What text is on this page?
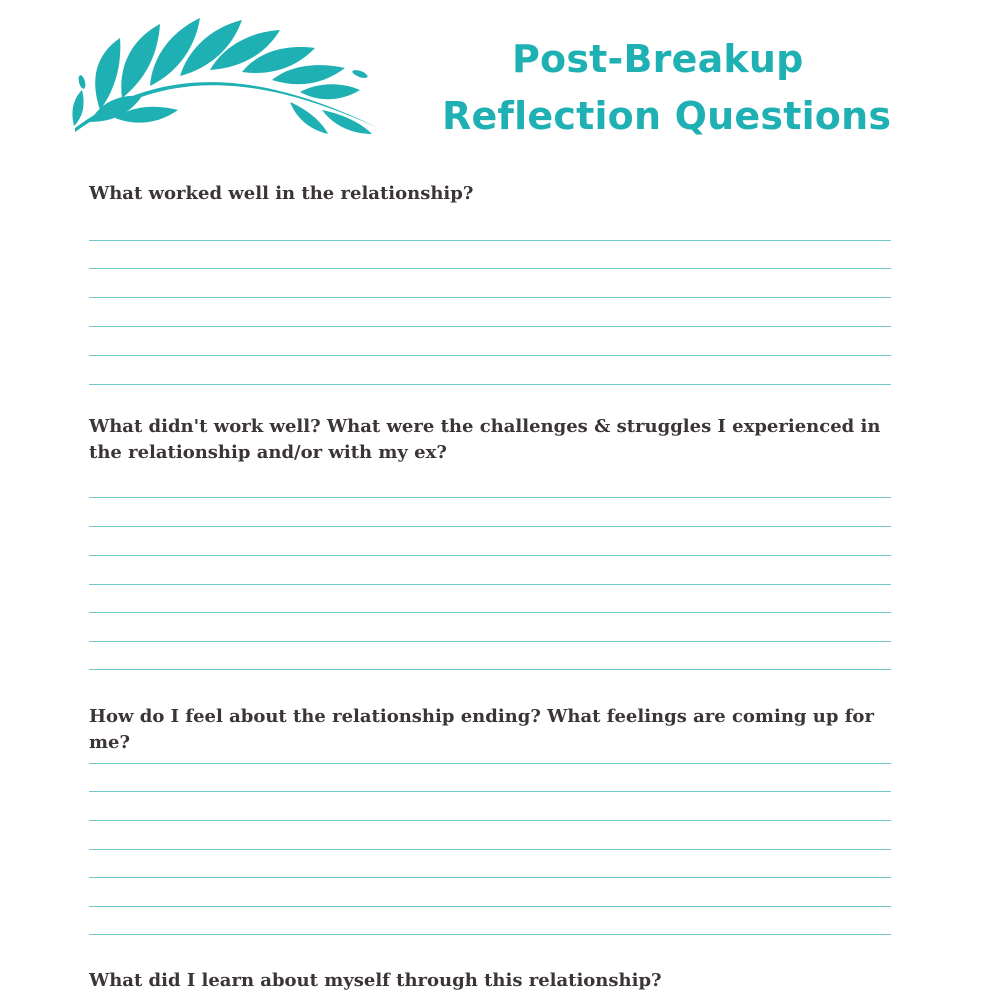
Post-Breakup
Reflection Questions
What worked well in the relationship?
What didn't work well? What were the challenges & struggles I experienced in the relationship and/or with my ex?
How do I feel about the relationship ending? What feelings are coming up for me?
What did I learn about myself through this relationship?
